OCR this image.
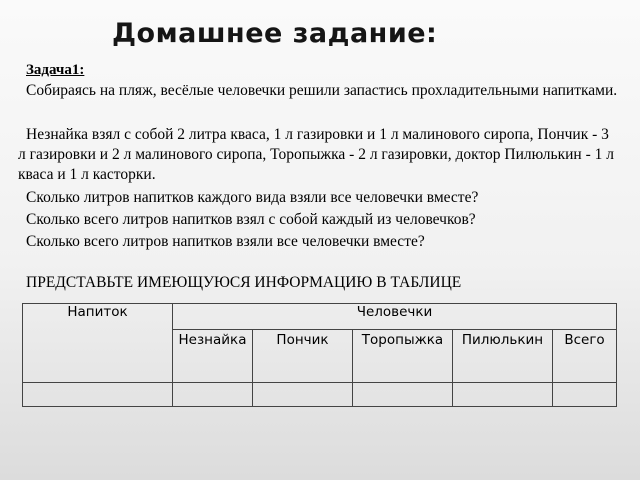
Домашнее задание:
Задача1:

Собираясь на пляж, весёлые человечки решили запастись прохладительными напитками.

Незнайка взял с собой 2 литра кваса, 1 л газировки и 1 л малинового сиропа, Пончик - 3 л газировки и 2 л малинового сиропа, Торопыжка - 2 л газировки, доктор Пилюлькин - 1 л кваса и 1 л касторки.

Сколько литров напитков каждого вида взяли все человечки вместе?

Сколько всего литров напитков взял с собой каждый из человечков?

Сколько всего литров напитков взяли все человечки вместе?

ПРЕДСТАВЬТЕ ИМЕЮЩУЮСЯ ИНФОРМАЦИЮ В ТАБЛИЦЕ

Напиток	Человечки				
	Незнайка	Пончик	Торопыжка	Пилюлькин	Всего
